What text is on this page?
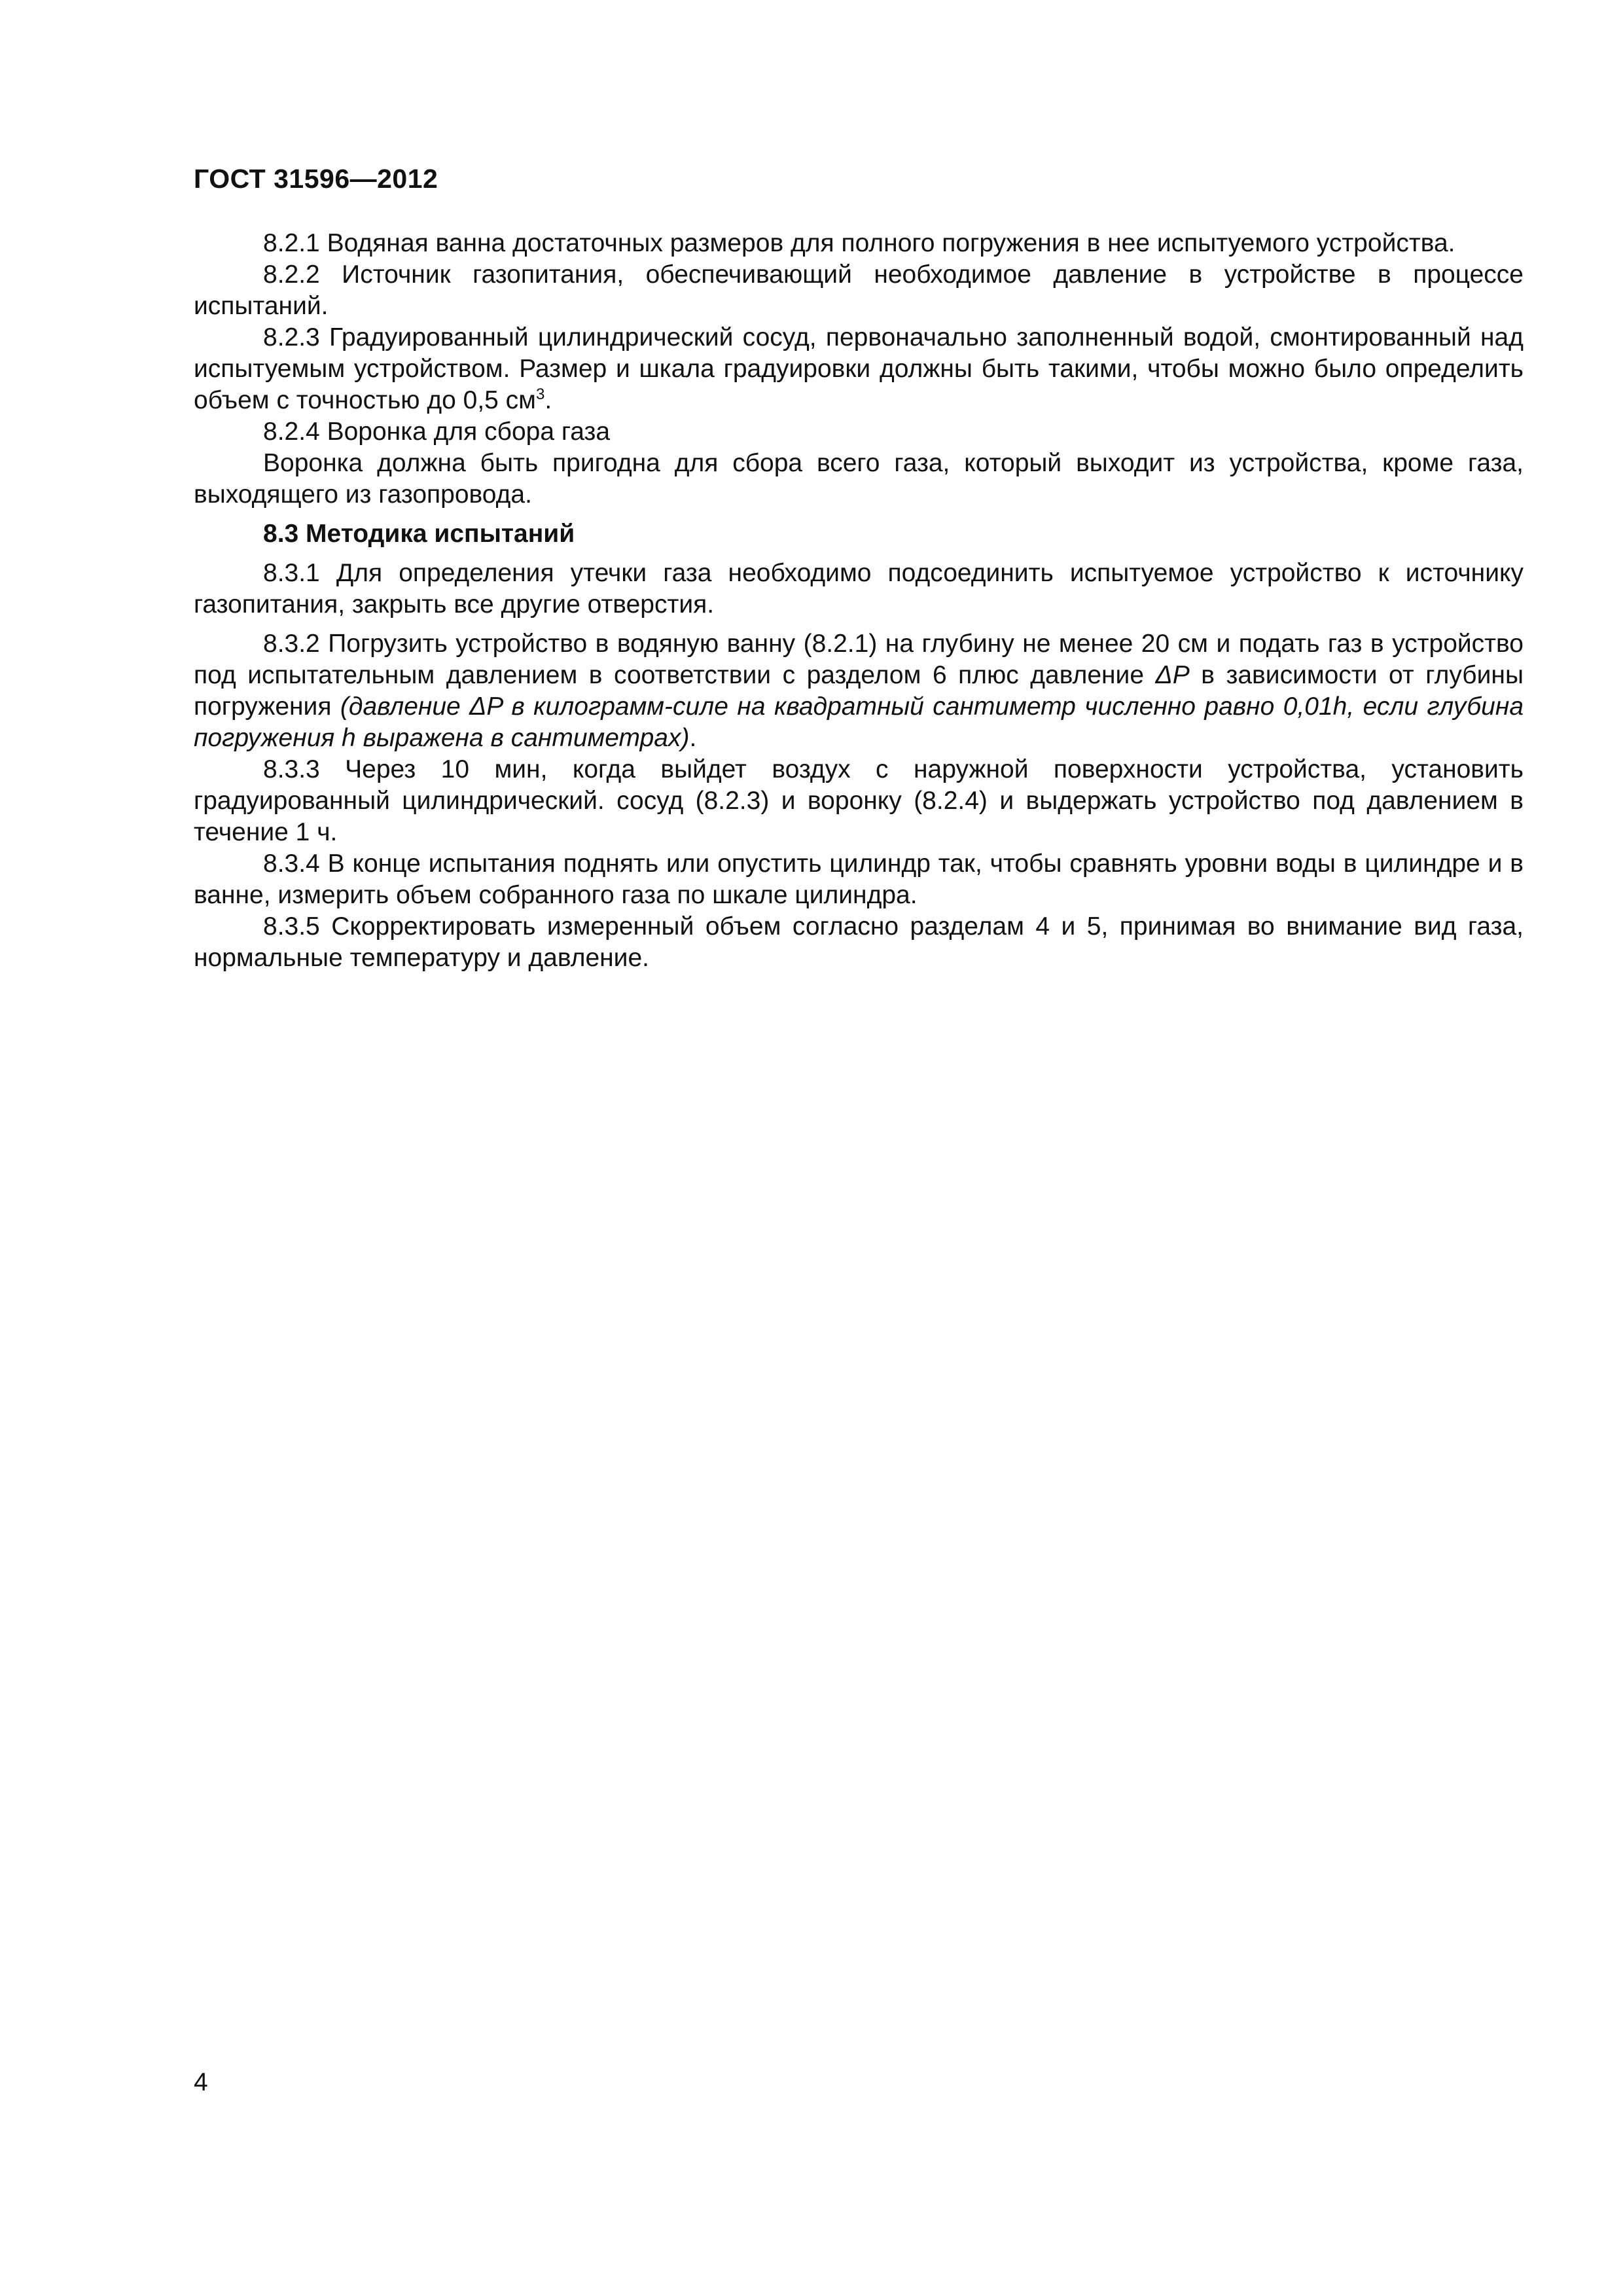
ГОСТ 31596—2012

8.2.1 Водяная ванна достаточных размеров для полного погружения в нее испытуемого устройства.

8.2.2 Источник газопитания, обеспечивающий необходимое давление в устройстве в процессе испытаний.

8.2.3 Градуированный цилиндрический сосуд, первоначально заполненный водой, смонтированный над испытуемым устройством. Размер и шкала градуировки должны быть такими, чтобы можно было определить объем с точностью до 0,5 $см^3$.

8.2.4 Воронка для сбора газа

Воронка должна быть пригодна для сбора всего газа, который выходит из устройства, кроме газа, выходящего из газопровода.

8.3 Методика испытаний

8.3.1 Для определения утечки газа необходимо подсоединить испытуемое устройство к источнику газопитания, закрыть все другие отверстия.

8.3.2 Погрузить устройство в водяную ванну (8.2.1) на глубину не менее 20 см и подать газ в устройство под испытательным давлением в соответствии с разделом 6 плюс давление ΔP в зависимости от глубины погружения (давление ΔP в килограмм-силе на квадратный сантиметр численно равно 0,01h, если глубина погружения h выражена в сантиметрах).

8.3.3 Через 10 мин, когда выйдет воздух с наружной поверхности устройства, установить градуированный цилиндрический. сосуд (8.2.3) и воронку (8.2.4) и выдержать устройство под давлением в течение 1 ч.

8.3.4 В конце испытания поднять или опустить цилиндр так, чтобы сравнять уровни воды в цилиндре и в ванне, измерить объем собранного газа по шкале цилиндра.

8.3.5 Скорректировать измеренный объем согласно разделам 4 и 5, принимая во внимание вид газа, нормальные температуру и давление.

4
